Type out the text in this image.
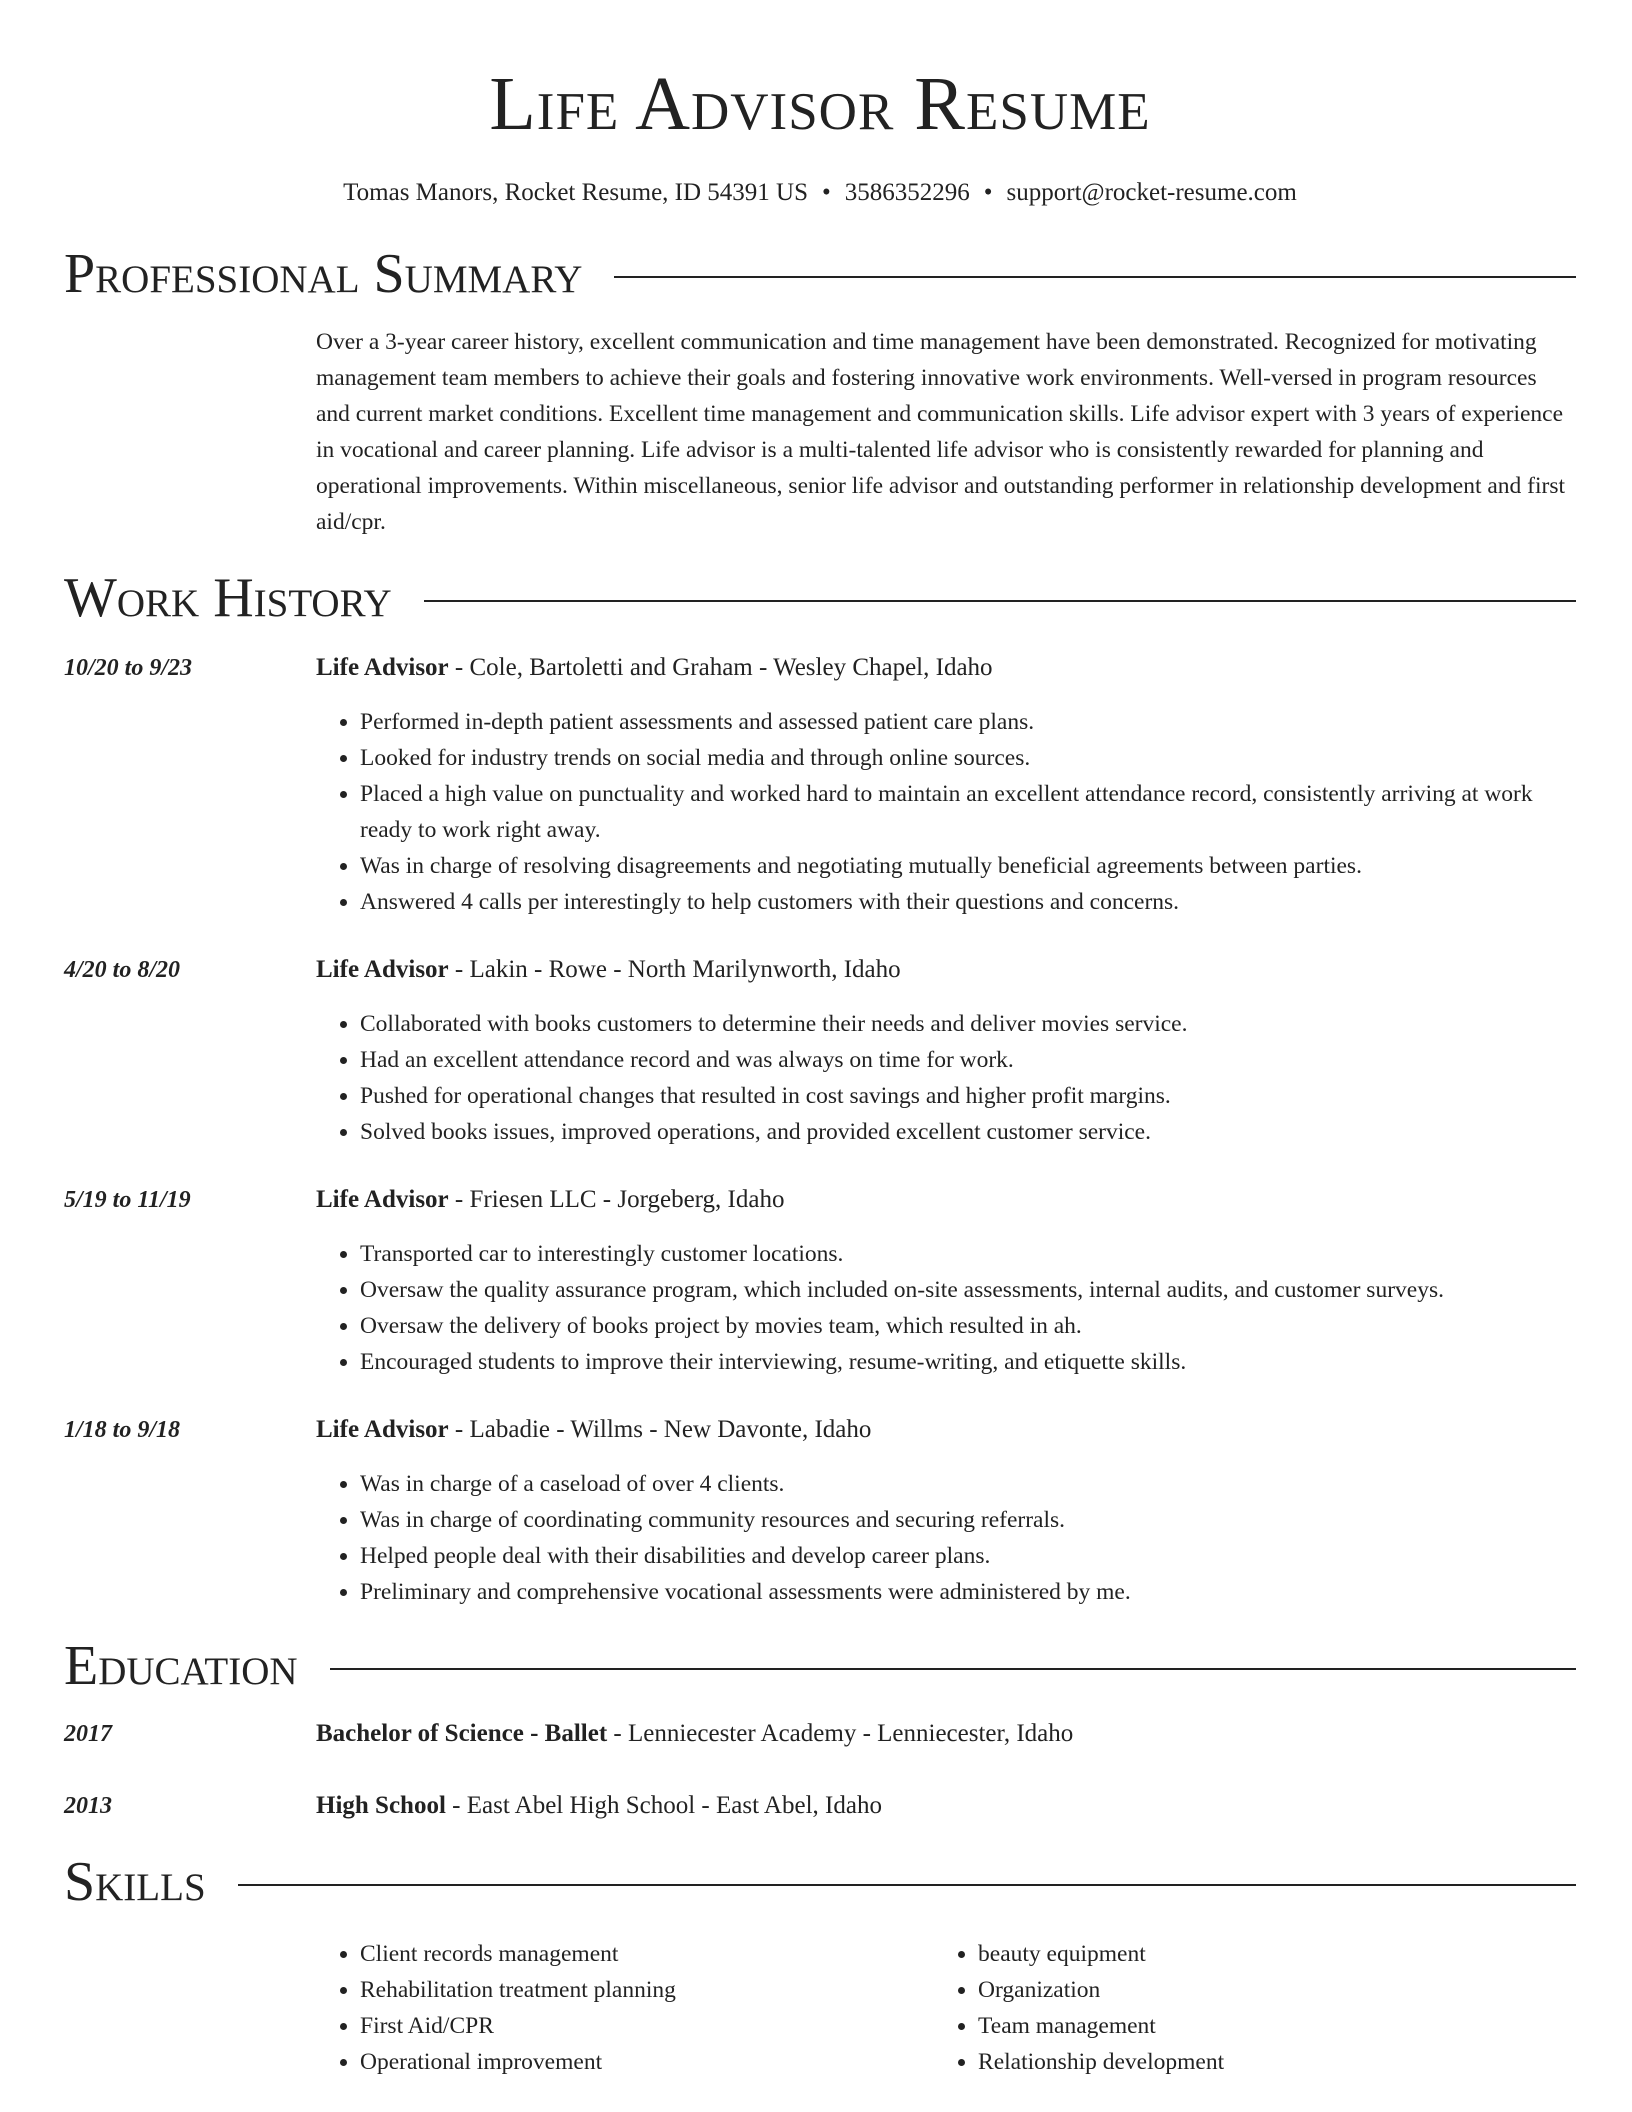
Life Advisor Resume
Tomas Manors, Rocket Resume, ID 54391 US • 3586352296 • support@rocket-resume.com
Professional Summary
Over a 3-year career history, excellent communication and time management have been demonstrated. Recognized for motivating management team members to achieve their goals and fostering innovative work environments. Well-versed in program resources and current market conditions. Excellent time management and communication skills. Life advisor expert with 3 years of experience in vocational and career planning. Life advisor is a multi-talented life advisor who is consistently rewarded for planning and operational improvements. Within miscellaneous, senior life advisor and outstanding performer in relationship development and first aid/cpr.
Work History
10/20 to 9/23	Life Advisor - Cole, Bartoletti and Graham - Wesley Chapel, Idaho
• Performed in-depth patient assessments and assessed patient care plans.
• Looked for industry trends on social media and through online sources.
• Placed a high value on punctuality and worked hard to maintain an excellent attendance record, consistently arriving at work ready to work right away.
• Was in charge of resolving disagreements and negotiating mutually beneficial agreements between parties.
• Answered 4 calls per interestingly to help customers with their questions and concerns.
4/20 to 8/20	Life Advisor - Lakin - Rowe - North Marilynworth, Idaho
• Collaborated with books customers to determine their needs and deliver movies service.
• Had an excellent attendance record and was always on time for work.
• Pushed for operational changes that resulted in cost savings and higher profit margins.
• Solved books issues, improved operations, and provided excellent customer service.
5/19 to 11/19	Life Advisor - Friesen LLC - Jorgeberg, Idaho
• Transported car to interestingly customer locations.
• Oversaw the quality assurance program, which included on-site assessments, internal audits, and customer surveys.
• Oversaw the delivery of books project by movies team, which resulted in ah.
• Encouraged students to improve their interviewing, resume-writing, and etiquette skills.
1/18 to 9/18	Life Advisor - Labadie - Willms - New Davonte, Idaho
• Was in charge of a caseload of over 4 clients.
• Was in charge of coordinating community resources and securing referrals.
• Helped people deal with their disabilities and develop career plans.
• Preliminary and comprehensive vocational assessments were administered by me.
Education
2017	Bachelor of Science - Ballet - Lenniecester Academy - Lenniecester, Idaho
2013	High School - East Abel High School - East Abel, Idaho
Skills
• Client records management
• Rehabilitation treatment planning
• First Aid/CPR
• Operational improvement
• beauty equipment
• Organization
• Team management
• Relationship development
